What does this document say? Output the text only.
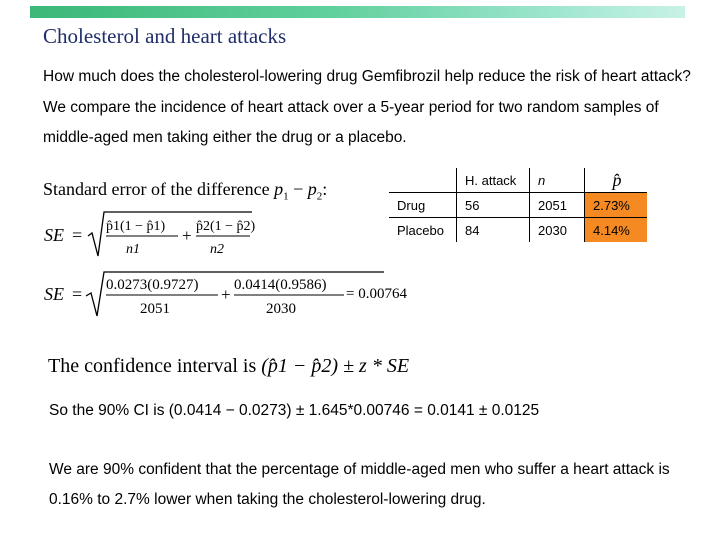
Cholesterol and heart attacks
How much does the cholesterol-lowering drug Gemfibrozil help reduce the risk of heart attack? We compare the incidence of heart attack over a 5-year period for two random samples of middle-aged men taking either the drug or a placebo.
Standard error of the difference $p_1 - p_2$:
SE = p̂1(1 − p̂1)
n1
+ p̂2(1 − p̂2)
n2
SE = 0.0273(0.9727)
2051
+ 0.0414(0.9586)
2030
= 0.00764
	H. attack	n	p̂
Drug	56	2051	2.73%
Placebo	84	2030	4.14%
The confidence interval is (p̂1 − p̂2) ± z * SE
So the 90% CI is (0.0414 − 0.0273) ± 1.645*0.00746 = 0.0141 ± 0.0125
We are 90% confident that the percentage of middle-aged men who suffer a heart attack is 0.16% to 2.7% lower when taking the cholesterol-lowering drug.
